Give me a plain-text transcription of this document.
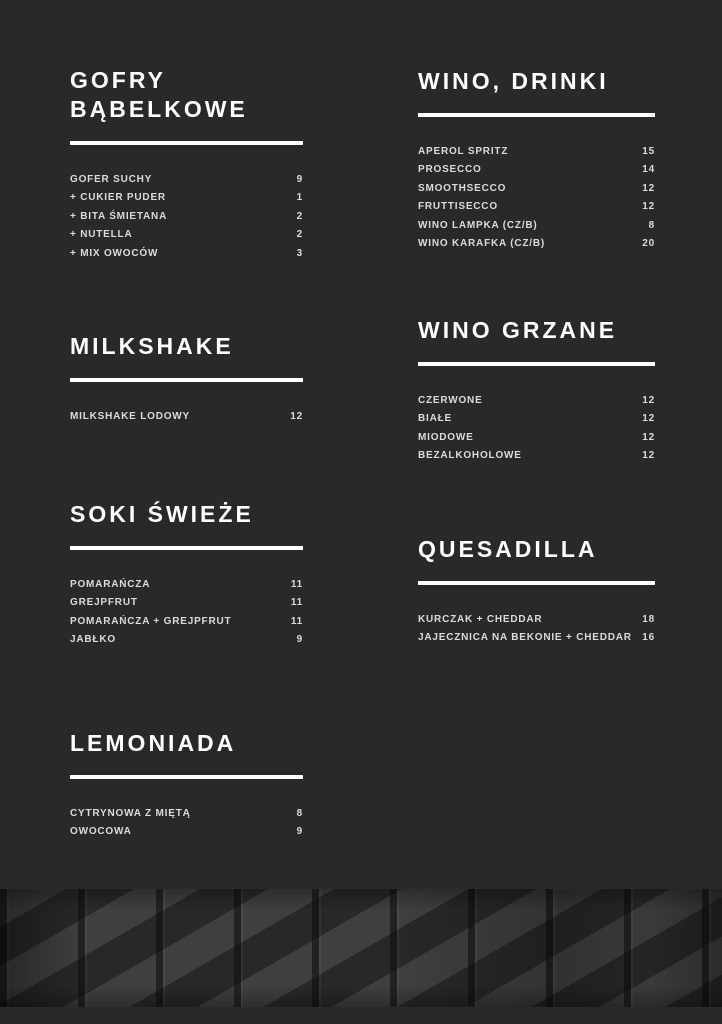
GOFRY BĄBELKOWE
GOFER SUCHY	9
+ CUKIER PUDER	1
+ BITA ŚMIETANA	2
+ NUTELLA	2
+ MIX OWOCÓW	3
MILKSHAKE
MILKSHAKE LODOWY	12
SOKI ŚWIEŻE
POMARAŃCZA	11
GREJPFRUT	11
POMARAŃCZA + GREJPFRUT	11
JABŁKO	9
LEMONIADA
CYTRYNOWA Z MIĘTĄ	8
OWOCOWA	9
WINO, DRINKI
APEROL SPRITZ	15
PROSECCO	14
SMOOTHSECCO	12
FRUTTISECCO	12
WINO LAMPKA (CZ/B)	8
WINO KARAFKA (CZ/B)	20
WINO GRZANE
CZERWONE	12
BIAŁE	12
MIODOWE	12
BEZALKOHOLOWE	12
QUESADILLA
KURCZAK + CHEDDAR	18
JAJECZNICA NA BEKONIE + CHEDDAR 16
